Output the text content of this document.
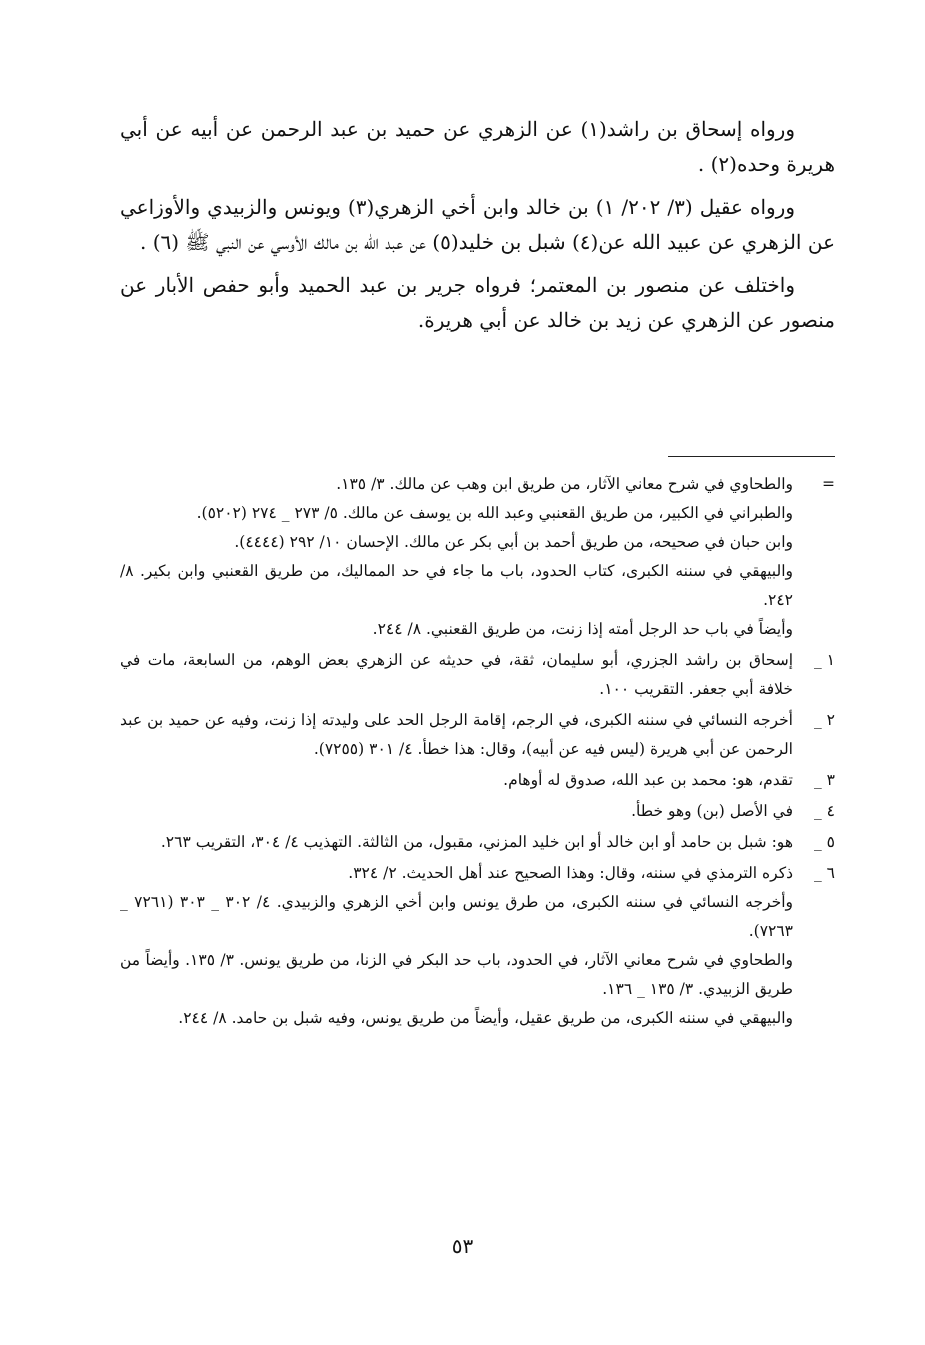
ورواه إسحاق بن راشد(١) عن الزهري عن حميد بن عبد الرحمن عن أبيه عن أبي هريرة وحده(٢) .

ورواه عقيل (٣/ ٢٠٢/ ١) بن خالد وابن أخي الزهري(٣) ويونس والزبيدي والأوزاعي عن الزهري عن عبيد الله عن(٤) شبل بن خليد(٥) عن عبد الله بن مالك الأوسي عن النبي ﷺ (٦) .

واختلف عن منصور بن المعتمر؛ فرواه جرير بن عبد الحميد وأبو حفص الأبار عن منصور عن الزهري عن زيد بن خالد عن أبي هريرة.

=
والطحاوي في شرح معاني الآثار، من طريق ابن وهب عن مالك. ٣/ ١٣٥.
والطبراني في الكبير، من طريق القعنبي وعبد الله بن يوسف عن مالك. ٥/ ٢٧٣ _ ٢٧٤ (٥٢٠٢).
وابن حبان في صحيحه، من طريق أحمد بن أبي بكر عن مالك. الإحسان ١٠/ ٢٩٢ (٤٤٤٤).
والبيهقي في سننه الكبرى، كتاب الحدود، باب ما جاء في حد المماليك، من طريق القعنبي وابن بكير. ٨/ ٢٤٢.
وأيضاً في باب حد الرجل أمته إذا زنت، من طريق القعنبي. ٨/ ٢٤٤.
١ _
إسحاق بن راشد الجزري، أبو سليمان، ثقة، في حديثه عن الزهري بعض الوهم، من السابعة، مات في خلافة أبي جعفر. التقريب ١٠٠.
٢ _
أخرجه النسائي في سننه الكبرى، في الرجم، إقامة الرجل الحد على وليدته إذا زنت، وفيه عن حميد بن عبد الرحمن عن أبي هريرة (ليس فيه عن أبيه)، وقال: هذا خطأ. ٤/ ٣٠١ (٧٢٥٥).
٣ _
تقدم، هو: محمد بن عبد الله، صدوق له أوهام.
٤ _
في الأصل (بن) وهو خطأ.
٥ _
هو: شبل بن حامد أو ابن خالد أو ابن خليد المزني، مقبول، من الثالثة. التهذيب ٤/ ٣٠٤، التقريب ٢٦٣.
٦ _
ذكره الترمذي في سننه، وقال: وهذا الصحيح عند أهل الحديث. ٢/ ٣٢٤.
وأخرجه النسائي في سننه الكبرى، من طرق يونس وابن أخي الزهري والزبيدي. ٤/ ٣٠٢ _ ٣٠٣ (٧٢٦١ _ ٧٢٦٣).
والطحاوي في شرح معاني الآثار، في الحدود، باب حد البكر في الزنا، من طريق يونس. ٣/ ١٣٥. وأيضاً من طريق الزبيدي. ٣/ ١٣٥ _ ١٣٦.
والبيهقي في سننه الكبرى، من طريق عقيل، وأيضاً من طريق يونس، وفيه شبل بن حامد. ٨/ ٢٤٤.
٥٣
